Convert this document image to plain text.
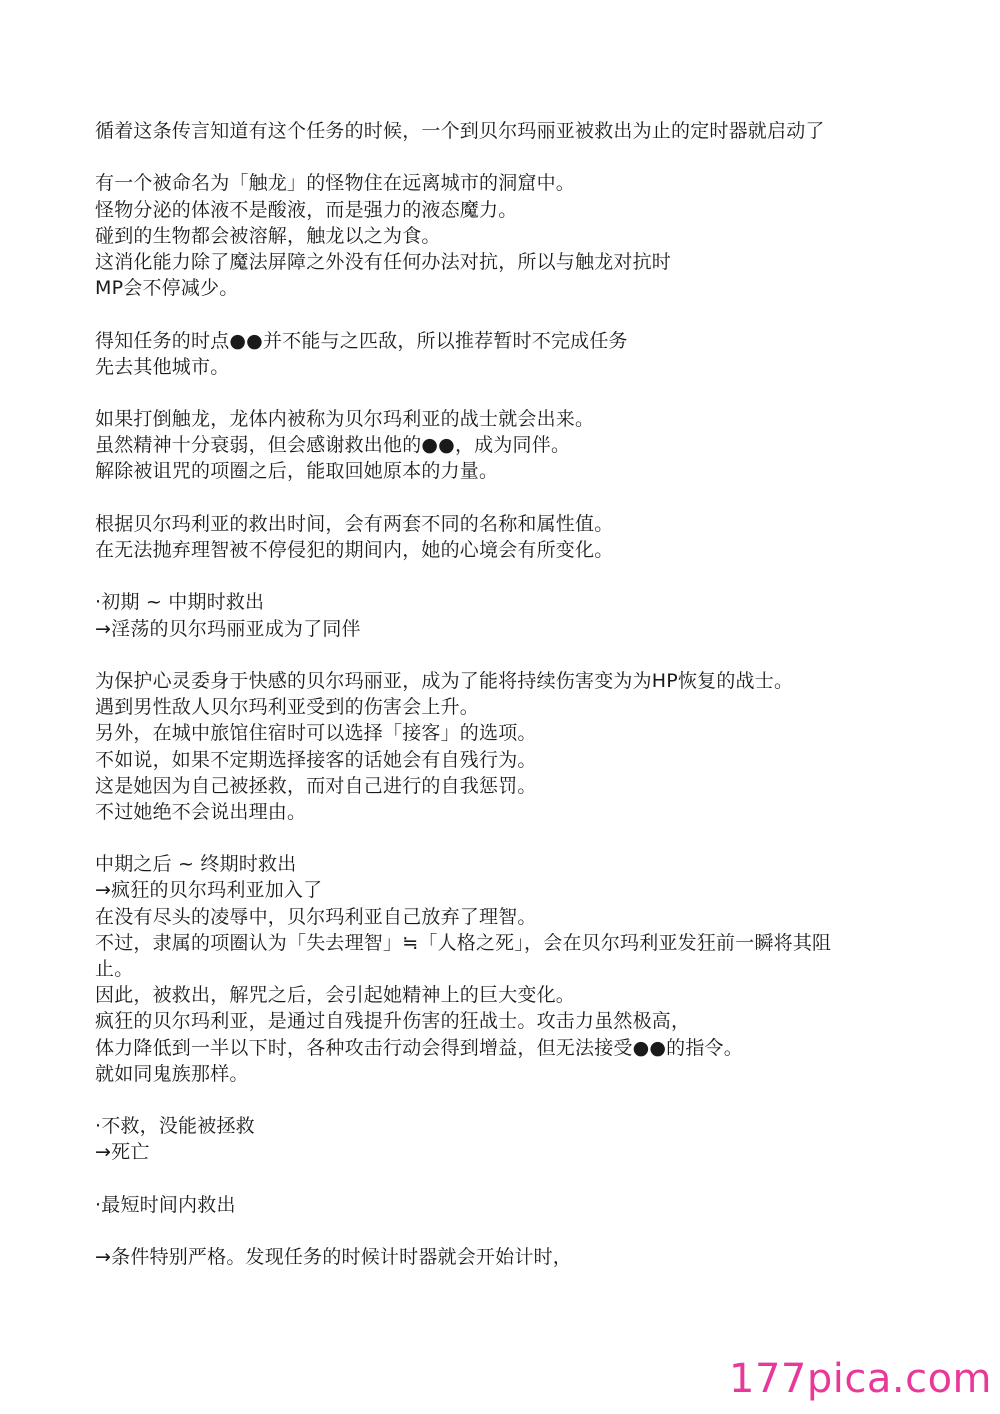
循着这条传言知道有这个任务的时候，一个到贝尔玛丽亚被救出为止的定时器就启动了
有一个被命名为「触龙」的怪物住在远离城市的洞窟中。
怪物分泌的体液不是酸液，而是强力的液态魔力。
碰到的生物都会被溶解，触龙以之为食。
这消化能力除了魔法屏障之外没有任何办法对抗，所以与触龙对抗时
MP会不停减少。
得知任务的时点●●并不能与之匹敌，所以推荐暂时不完成任务
先去其他城市。
如果打倒触龙，龙体内被称为贝尔玛利亚的战士就会出来。
虽然精神十分衰弱，但会感谢救出他的●●，成为同伴。
解除被诅咒的项圈之后，能取回她原本的力量。
根据贝尔玛利亚的救出时间，会有两套不同的名称和属性值。
在无法抛弃理智被不停侵犯的期间内，她的心境会有所变化。
·初期 ~ 中期时救出
→淫荡的贝尔玛丽亚成为了同伴
为保护心灵委身于快感的贝尔玛丽亚，成为了能将持续伤害变为为HP恢复的战士。
遇到男性敌人贝尔玛利亚受到的伤害会上升。
另外，在城中旅馆住宿时可以选择「接客」的选项。
不如说，如果不定期选择接客的话她会有自残行为。
这是她因为自己被拯救，而对自己进行的自我惩罚。
不过她绝不会说出理由。
中期之后 ~ 终期时救出
→疯狂的贝尔玛利亚加入了
在没有尽头的凌辱中，贝尔玛利亚自己放弃了理智。
不过，隶属的项圈认为「失去理智」≒「人格之死」，会在贝尔玛利亚发狂前一瞬将其阻
止。
因此，被救出，解咒之后，会引起她精神上的巨大变化。
疯狂的贝尔玛利亚，是通过自残提升伤害的狂战士。攻击力虽然极高，
体力降低到一半以下时，各种攻击行动会得到增益，但无法接受●●的指令。
就如同鬼族那样。
·不救，没能被拯救
→死亡
·最短时间内救出
→条件特别严格。发现任务的时候计时器就会开始计时，
177pica.com
